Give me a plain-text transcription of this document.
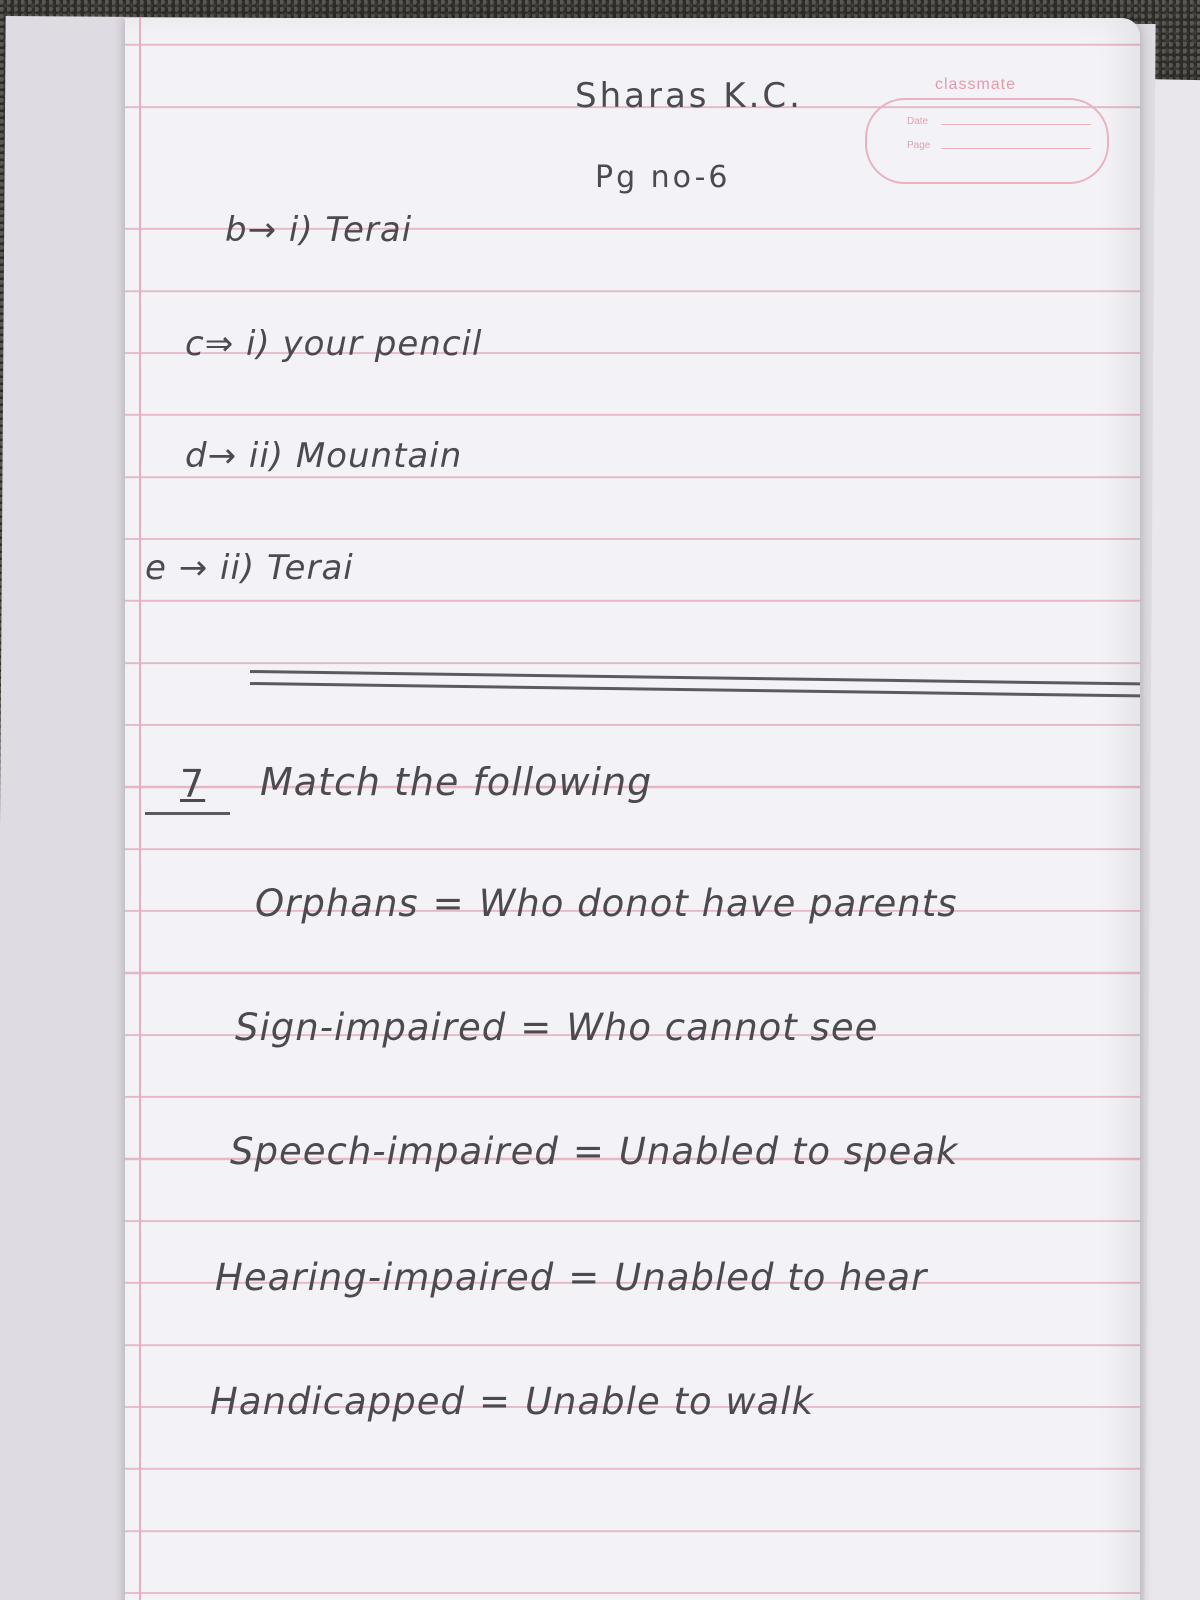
classmate
Date
Page
Sharas K.C.
Pg no-6
b→ i) Terai
c⇒ i) your pencil
d→ ii) Mountain
e → ii) Terai
7 Match the following
Orphans = Who donot have parents
Sign-impaired = Who cannot see
Speech-impaired = Unabled to speak
Hearing-impaired = Unabled to hear
Handicapped = Unable to walk
